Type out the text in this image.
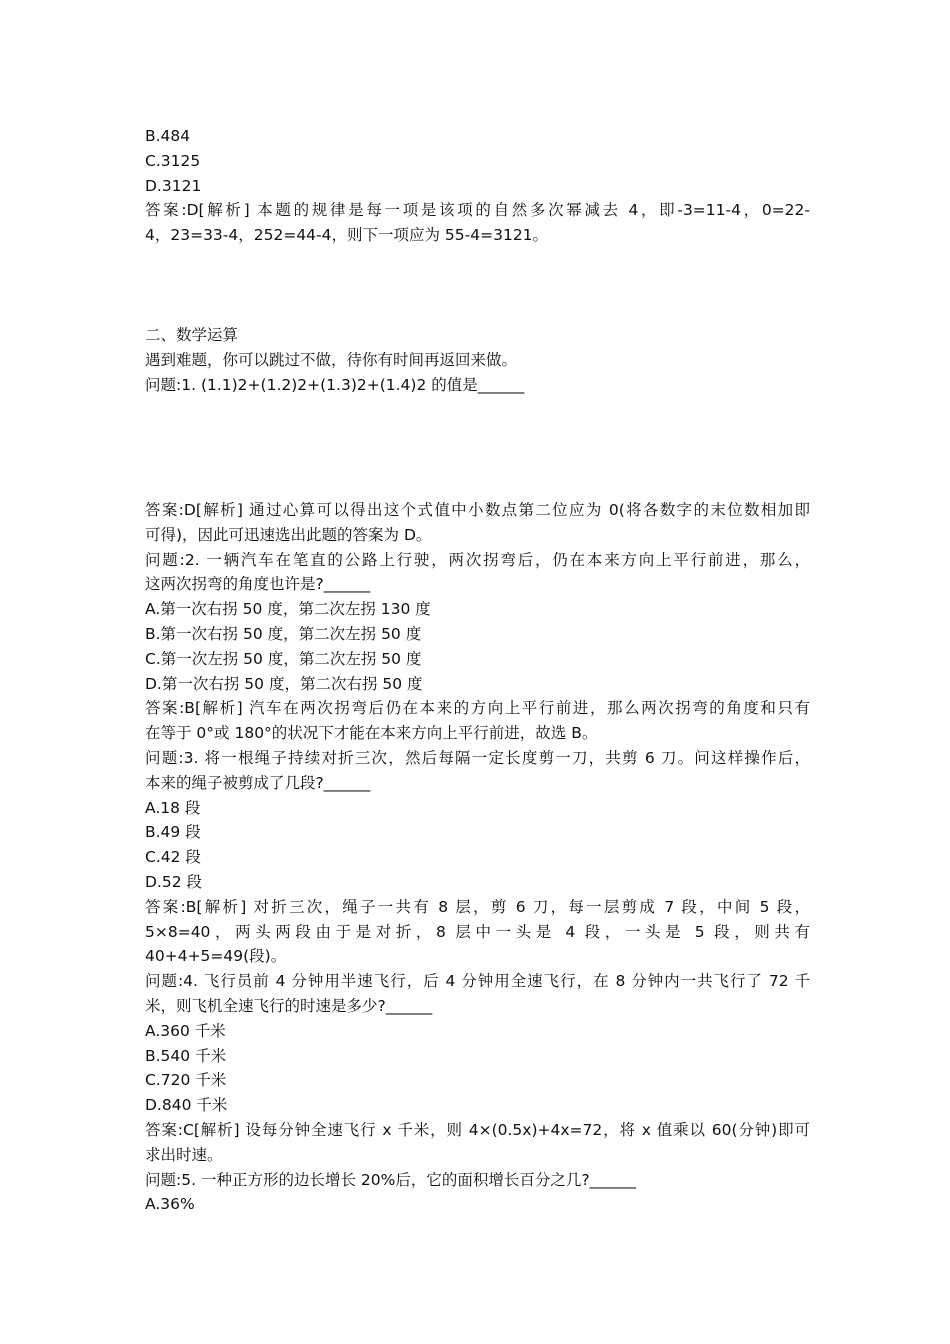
B.484
C.3125
D.3121
答案:D[解析] 本题的规律是每一项是该项的自然多次幂减去 4，即-3=11-4，0=22-
4，23=33-4，252=44-4，则下一项应为 55-4=3121。
二、数学运算
遇到难题，你可以跳过不做，待你有时间再返回来做。
问题:1. (1.1)2+(1.2)2+(1.3)2+(1.4)2 的值是______
答案:D[解析] 通过心算可以得出这个式值中小数点第二位应为 0(将各数字的末位数相加即
可得)，因此可迅速选出此题的答案为 D。
问题:2. 一辆汽车在笔直的公路上行驶，两次拐弯后，仍在本来方向上平行前进，那么，
这两次拐弯的角度也许是?______
A.第一次右拐 50 度，第二次左拐 130 度
B.第一次右拐 50 度，第二次左拐 50 度
C.第一次左拐 50 度，第二次左拐 50 度
D.第一次右拐 50 度，第二次右拐 50 度
答案:B[解析] 汽车在两次拐弯后仍在本来的方向上平行前进，那么两次拐弯的角度和只有
在等于 0°或 180°的状况下才能在本来方向上平行前进，故选 B。
问题:3. 将一根绳子持续对折三次，然后每隔一定长度剪一刀，共剪 6 刀。问这样操作后，
本来的绳子被剪成了几段?______
A.18 段
B.49 段
C.42 段
D.52 段
答案:B[解析] 对折三次，绳子一共有 8 层，剪 6 刀，每一层剪成 7 段，中间 5 段，
5×8=40，两头两段由于是对折，8 层中一头是 4 段，一头是 5 段，则共有
40+4+5=49(段)。
问题:4. 飞行员前 4 分钟用半速飞行，后 4 分钟用全速飞行，在 8 分钟内一共飞行了 72 千
米，则飞机全速飞行的时速是多少?______
A.360 千米
B.540 千米
C.720 千米
D.840 千米
答案:C[解析] 设每分钟全速飞行 x 千米，则 4×(0.5x)+4x=72，将 x 值乘以 60(分钟)即可
求出时速。
问题:5. 一种正方形的边长增长 20%后，它的面积增长百分之几?______
A.36%
